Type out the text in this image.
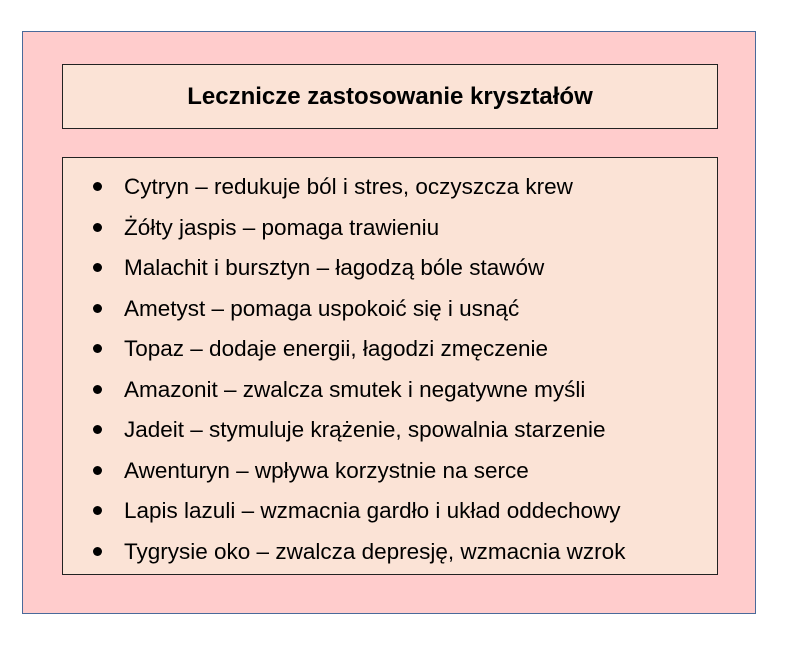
Lecznicze zastosowanie kryształów
Cytryn – redukuje ból i stres, oczyszcza krew
Żółty jaspis – pomaga trawieniu
Malachit i bursztyn – łagodzą bóle stawów
Ametyst – pomaga uspokoić się i usnąć
Topaz – dodaje energii, łagodzi zmęczenie
Amazonit – zwalcza smutek i negatywne myśli
Jadeit – stymuluje krążenie, spowalnia starzenie
Awenturyn – wpływa korzystnie na serce
Lapis lazuli – wzmacnia gardło i układ oddechowy
Tygrysie oko – zwalcza depresję, wzmacnia wzrok
